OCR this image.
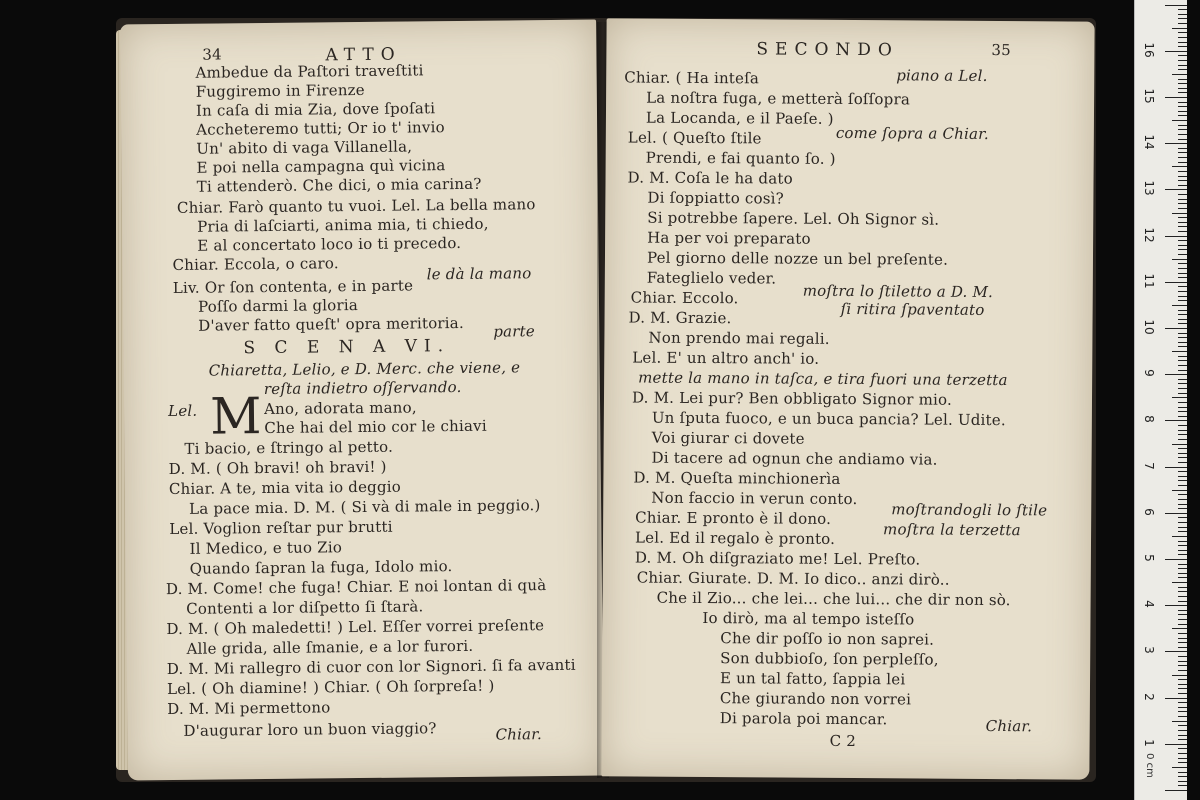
34	ATTO
Ambedue da Paſtori traveſtiti
Fuggiremo in Firenze
In caſa di mia Zia, dove ſpoſati
Accheteremo tutti; Or io t' invio
Un' abito di vaga Villanella,
E poi nella campagna quì vicina
Ti attenderò. Che dici, o mia carina?
Chiar. Farò quanto tu vuoi. Lel. La bella mano
Pria di laſciarti, anima mia, ti chiedo,
E al concertato loco io ti precedo.
Chiar. Eccola, o caro.	le dà la mano
Liv. Or ſon contenta, e in parte
Poſſo darmi la gloria
D'aver fatto queſt' opra meritoria. parte
S C E N A VI.
Chiaretta, Lelio, e D. Merc. che viene, e
reſta indietro oſſervando.
Lel. M Ano, adorata mano,
Che hai del mio cor le chiavi
Ti bacio, e ſtringo al petto.
D. M. ( Oh bravi! oh bravi! )
Chiar. A te, mia vita io deggio
La pace mia. D. M. ( Si và di male in peggio.)
Lel. Voglion reſtar pur brutti
Il Medico, e tuo Zio
Quando ſapran la fuga, Idolo mio.
D. M. Come! che fuga! Chiar. E noi lontan di quà
Contenti a lor diſpetto ſi ſtarà.
D. M. ( Oh maledetti! ) Lel. Eſſer vorrei preſente
Alle grida, alle ſmanie, e a lor furori.
D. M. Mi rallegro di cuor con lor Signori. ſi fa avanti
Lel. ( Oh diamine! ) Chiar. ( Oh ſorpreſa! )
D. M. Mi permettono
D'augurar loro un buon viaggio?	Chiar.
SECONDO	35
Chiar. ( Ha inteſa	piano a Lel.
La noſtra fuga, e metterà ſoſſopra
La Locanda, e il Paeſe. )
Lel. ( Queſto ſtile	come ſopra a Chiar.
Prendi, e fai quanto ſo. )
D. M. Coſa le ha dato
Di ſoppiatto così?
Si potrebbe ſapere. Lel. Oh Signor sì.
Ha per voi preparato
Pel giorno delle nozze un bel preſente.
Fateglielo veder.
Chiar. Eccolo.	moſtra lo ſtiletto a D. M.
D. M. Grazie.	ſi ritira ſpaventato
Non prendo mai regali.
Lel. E' un altro anch' io.
mette la mano in taſca, e tira fuori una terzetta
D. M. Lei pur? Ben obbligato Signor mio.
Un ſputa fuoco, e un buca pancia? Lel. Udite.
Voi giurar ci dovete
Di tacere ad ognun che andiamo via.
D. M. Queſta minchionerìa
Non faccio in verun conto.
Chiar. E pronto è il dono.	moſtrandogli lo ſtile
Lel. Ed il regalo è pronto.	moſtra la terzetta
D. M. Oh diſgraziato me! Lel. Preſto.
Chiar. Giurate. D. M. Io dico.. anzi dirò..
Che il Zio... che lei... che lui... che dir non sò.
Io dirò, ma al tempo isteſſo
Che dir poſſo io non saprei.
Son dubbioſo, ſon perpleſſo,
E un tal fatto, ſappia lei
Che giurando non vorrei
Di parola poi mancar.
C 2
Chiar.
0 cm
1
2
3
4
5
6
7
8
9
10
11
12
13
14
15
16
